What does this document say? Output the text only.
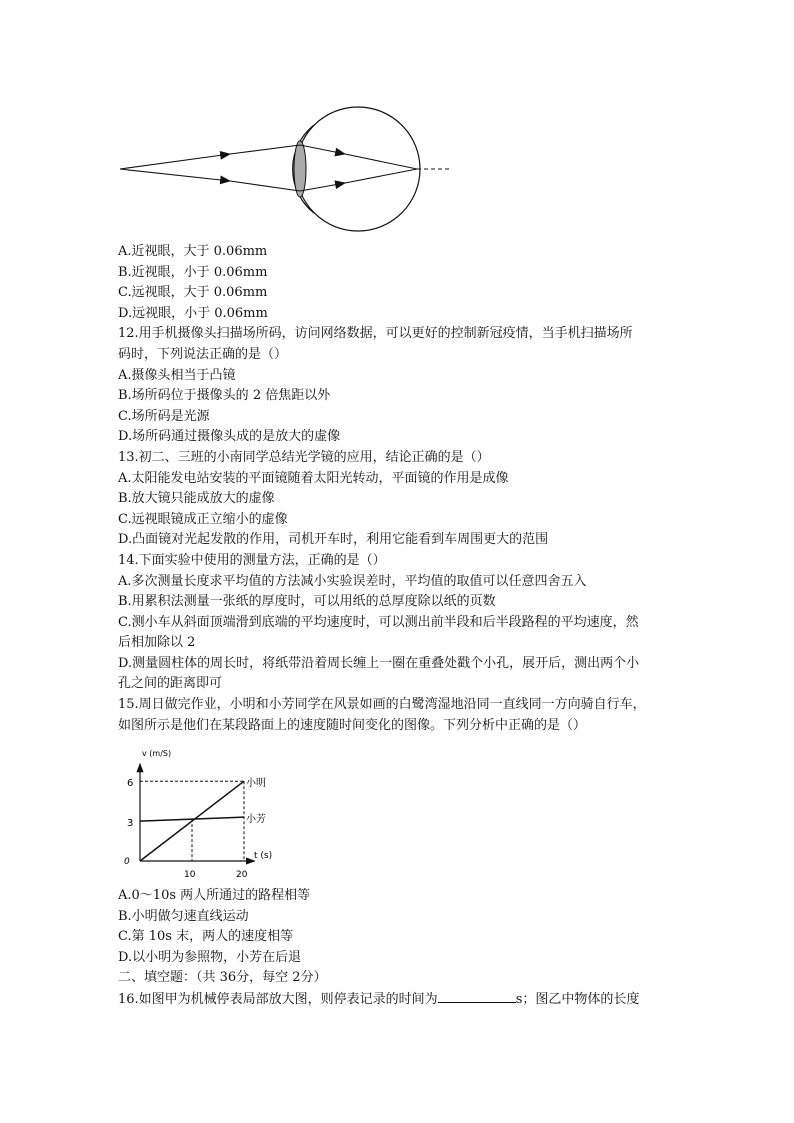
A.近视眼，大于 0.06mm

B.近视眼，小于 0.06mm

C.远视眼，大于 0.06mm

D.远视眼，小于 0.06mm

12.用手机摄像头扫描场所码，访问网络数据，可以更好的控制新冠疫情，当手机扫描场所

码时，下列说法正确的是（）

A.摄像头相当于凸镜

B.场所码位于摄像头的 2 倍焦距以外

C.场所码是光源

D.场所码通过摄像头成的是放大的虚像

13.初二、三班的小南同学总结光学镜的应用，结论正确的是（）

A.太阳能发电站安装的平面镜随着太阳光转动，平面镜的作用是成像

B.放大镜只能成放大的虚像

C.远视眼镜成正立缩小的虚像

D.凸面镜对光起发散的作用，司机开车时，利用它能看到车周围更大的范围

14.下面实验中使用的测量方法，正确的是（）

A.多次测量长度求平均值的方法减小实验误差时，平均值的取值可以任意四舍五入

B.用累积法测量一张纸的厚度时，可以用纸的总厚度除以纸的页数

C.测小车从斜面顶端滑到底端的平均速度时，可以测出前半段和后半段路程的平均速度，然

后相加除以 2

D.测量圆柱体的周长时，将纸带沿着周长缠上一圈在重叠处戳个小孔，展开后，测出两个小

孔之间的距离即可

15.周日做完作业，小明和小芳同学在风景如画的白鹭湾湿地沿同一直线同一方向骑自行车，

如图所示是他们在某段路面上的速度随时间变化的图像。下列分析中正确的是（）

v (m/S)
t (s)
0
3
6
10	20
小明
小芳

A.0～10s 两人所通过的路程相等

B.小明做匀速直线运动

C.第 10s 末，两人的速度相等

D.以小明为参照物，小芳在后退

二、填空题：（共 36分，每空 2分）

16.如图甲为机械停表局部放大图，则停表记录的时间为	s；图乙中物体的长度
